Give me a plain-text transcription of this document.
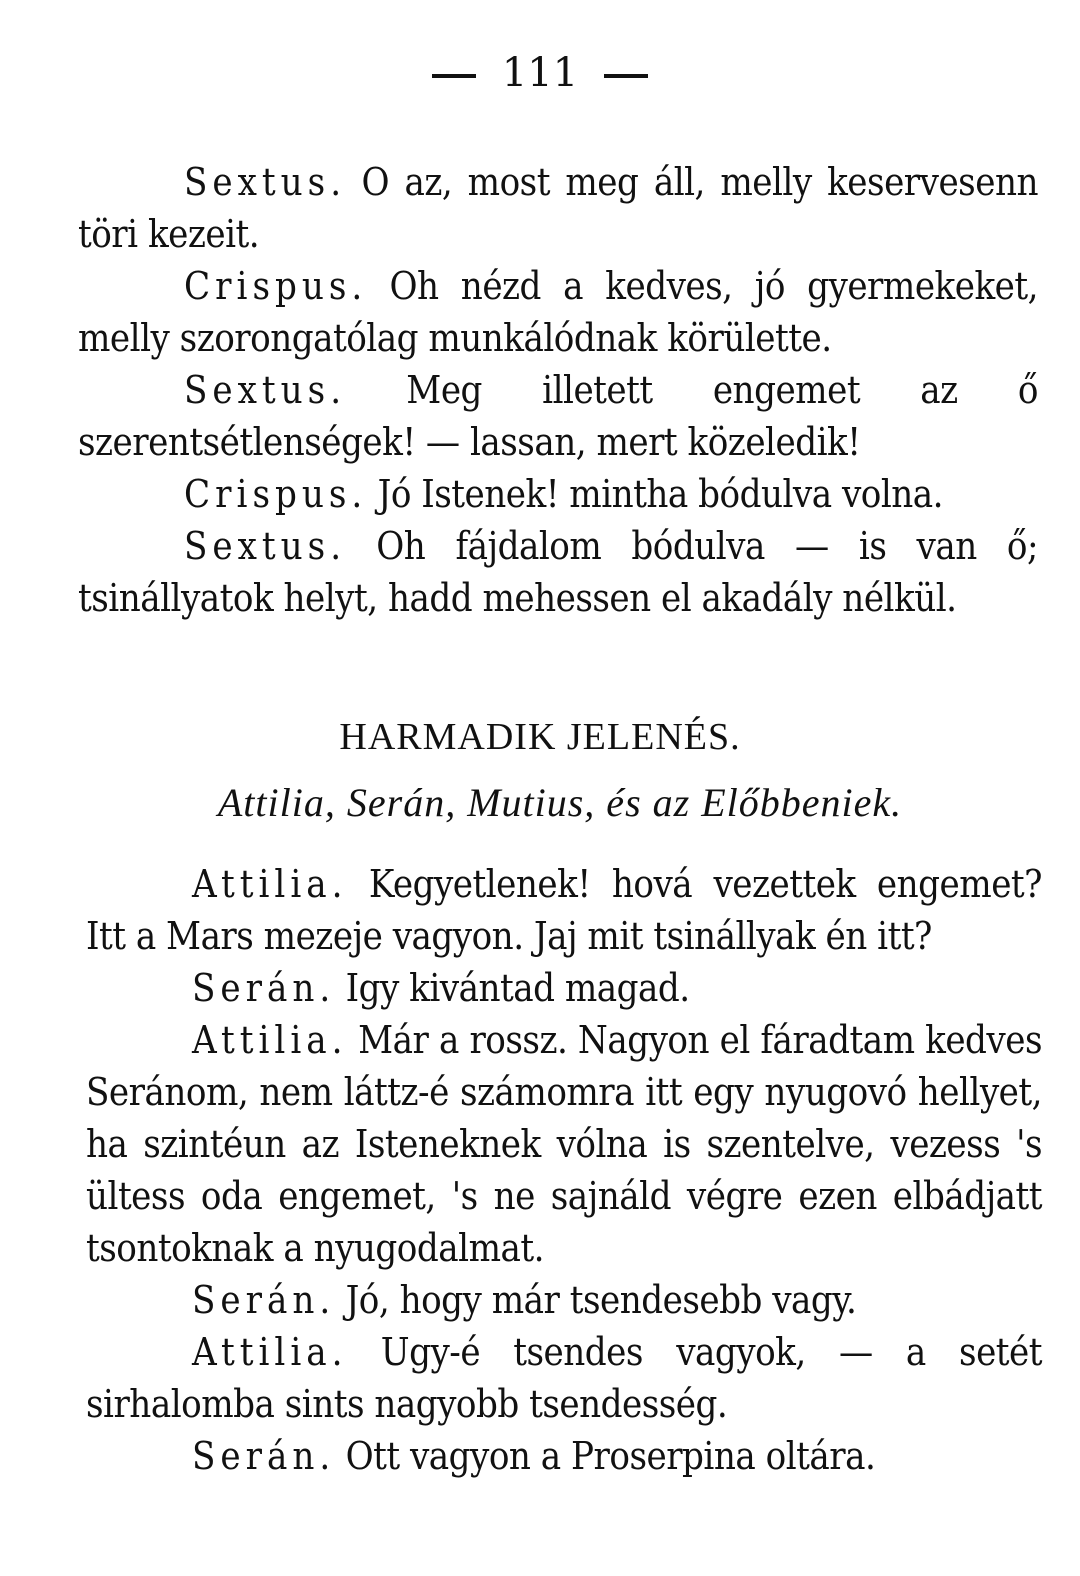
111

Sextus. O az, most meg áll, melly keservesenn töri kezeit.

Crispus. Oh nézd a kedves, jó gyermekeket, melly szorongatólag munkálódnak körülette.

Sextus. Meg illetett engemet az ő szerentsétlenségek! — lassan, mert közeledik!

Crispus. Jó Istenek! mintha bódulva volna.

Sextus. Oh fájdalom bódulva — is van ő; tsinállyatok helyt, hadd mehessen el akadály nélkül.

HARMADIK JELENÉS.
Attilia, Serán, Mutius, és az Előbbeniek.

Attilia. Kegyetlenek! hová vezettek engemet? Itt a Mars mezeje vagyon. Jaj mit tsinállyak én itt?

Serán. Igy kivántad magad.

Attilia. Már a rossz. Nagyon el fáradtam kedves Seránom, nem láttz-é számomra itt egy nyugovó hellyet, ha szintéun az Isteneknek vólna is szentelve, vezess 's ültess oda engemet, 's ne sajnáld végre ezen elbádjatt tsontoknak a nyugodalmat.

Serán. Jó, hogy már tsendesebb vagy.

Attilia. Ugy-é tsendes vagyok, — a setét sirhalomba sints nagyobb tsendesség.

Serán. Ott vagyon a Proserpina oltára.
